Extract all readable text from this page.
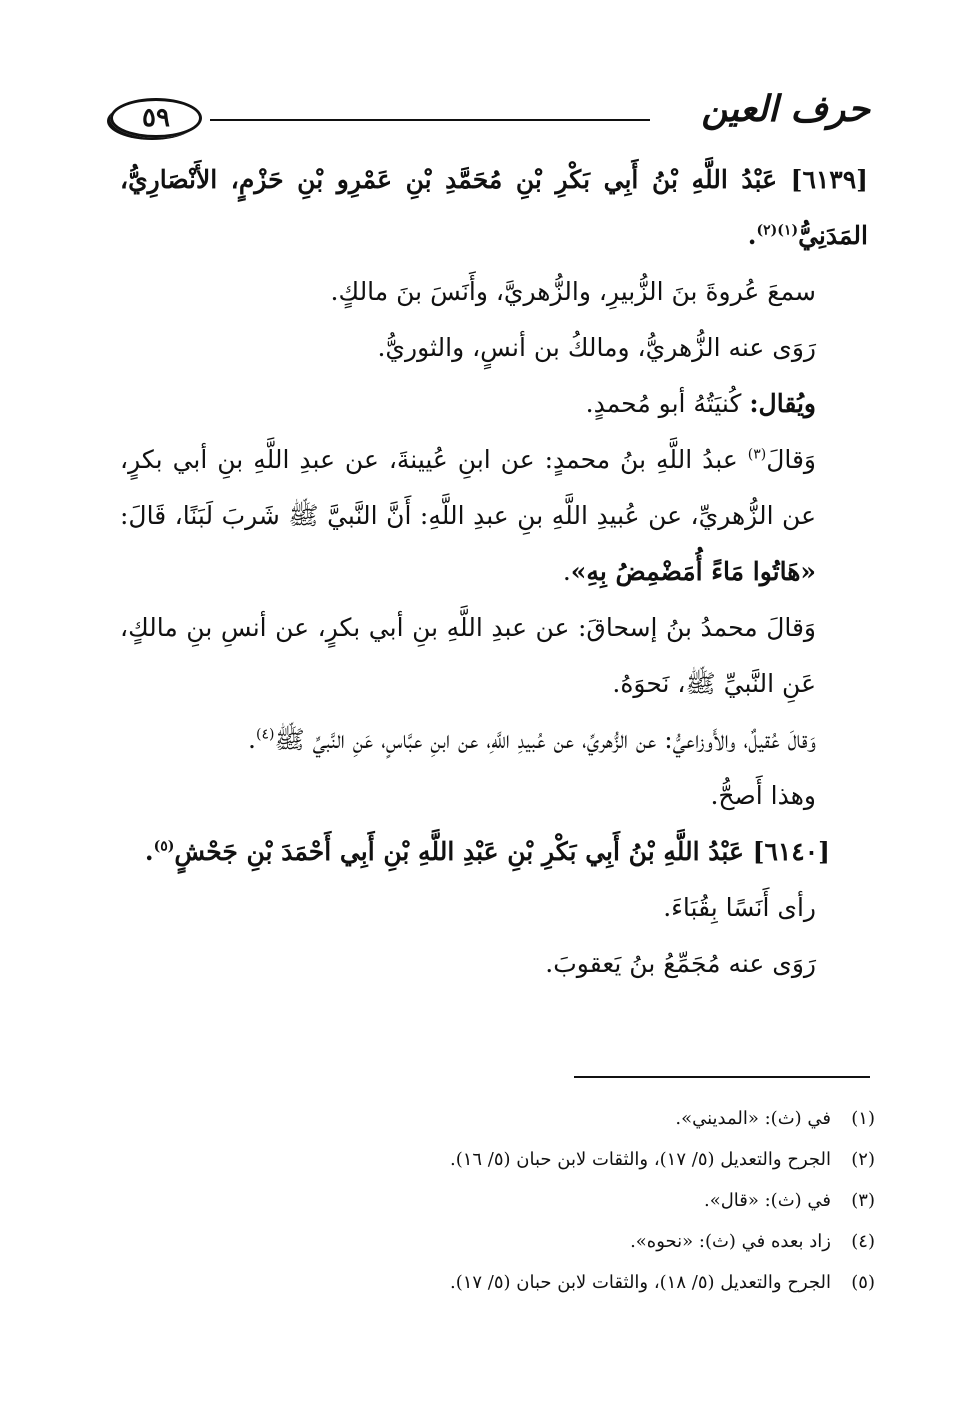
٥٩	حرف العين

[٦١٣٩] عَبْدُ اللَّهِ بْنُ أَبِي بَكْرِ بْنِ مُحَمَّدِ بْنِ عَمْرِو بْنِ حَزْمٍ، الأَنْصَارِيُّ، المَدَنِيُّ$^{(١)(٢)}$.

سمعَ عُروةَ بنَ الزُّبيرِ، والزُّهريَّ، وأَنَسَ بنَ مالكٍ.

رَوَى عنه الزُّهريُّ، ومالكُ بن أنسٍ، والثوريُّ.

ويُقال: كُنيَتُهُ أبو مُحمدٍ.

وَقالَ$^{(٣)}$ عبدُ اللَّهِ بنُ محمدٍ: عن ابنِ عُيينةَ، عن عبدِ اللَّهِ بنِ أبي بكرٍ، عن الزُّهريِّ، عن عُبيدِ اللَّهِ بنِ عبدِ اللَّهِ: أَنَّ النَّبيَّ ﷺ شَربَ لَبَنًا، قَالَ: «هَاتُوا مَاءً أُمَضْمِضُ بِهِ».

وَقالَ محمدُ بنُ إسحاقَ: عن عبدِ اللَّهِ بنِ أبي بكرٍ، عن أنسِ بنِ مالكٍ، عَنِ النَّبيِّ ﷺ، نَحوَهُ.

وَقالَ عُقيلٌ، والأَوزاعيُّ: عن الزُّهريِّ، عن عُبيدِ اللَّهِ، عن ابنِ عبَّاسٍ، عَنِ النَّبيِّ ﷺ$^{(٤)}$.

وهذا أَصحُّ.

[٦١٤٠] عَبْدُ اللَّهِ بْنُ أَبِي بَكْرِ بْنِ عَبْدِ اللَّهِ بْنِ أَبِي أَحْمَدَ بْنِ جَحْشٍ$^{(٥)}$.

رأى أَنَسًا بِقُبَاءَ.

رَوَى عنه مُجَمِّعُ بنُ يَعقوبَ.

(١)
في (ث): «المديني».

(٢)
الجرح والتعديل (٥/ ١٧)، والثقات لابن حبان (٥/ ١٦).

(٣)
في (ث): «قال».

(٤)
زاد بعده في (ث): «نحوه».

(٥)
الجرح والتعديل (٥/ ١٨)، والثقات لابن حبان (٥/ ١٧).
